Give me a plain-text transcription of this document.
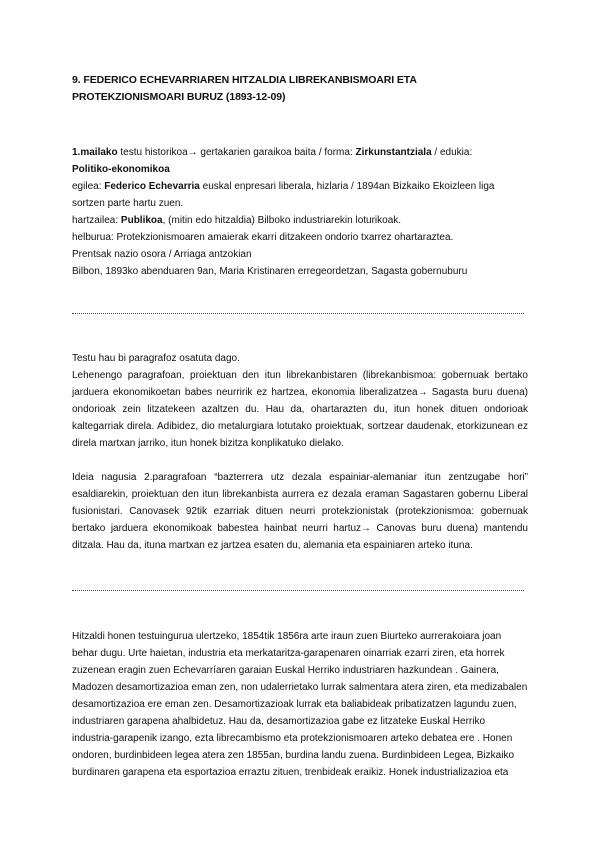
9. FEDERICO ECHEVARRIAREN HITZALDIA LIBREKANBISMOARI ETA PROTEKZIONISMOARI BURUZ (1893-12-09)

1.mailako testu historikoa→ gertakarien garaikoa baita / forma: Zirkunstantziala / edukia:

Politiko-ekonomikoa

egilea: Federico Echevarria euskal enpresari liberala, hizlaria / 1894an Bizkaiko Ekoizleen liga sortzen parte hartu zuen.

hartzailea: Publikoa, (mitin edo hitzaldia) Bilboko industriarekin loturikoak.

helburua: Protekzionismoaren amaierak ekarri ditzakeen ondorio txarrez ohartaraztea.

Prentsak nazio osora / Arriaga antzokian

Bilbon, 1893ko abenduaren 9an, Maria Kristinaren erregeordetzan, Sagasta gobernuburu

Testu hau bi paragrafoz osatuta dago.

Lehenengo paragrafoan, proiektuan den itun librekanbistaren (librekanbismoa: gobernuak bertako jarduera ekonomikoetan babes neurririk ez hartzea, ekonomia liberalizatzea→ Sagasta buru duena) ondorioak zein litzatekeen azaltzen du. Hau da, ohartarazten du, itun honek dituen ondorioak kaltegarriak direla. Adibidez, dio metalurgiara lotutako proiektuak, sortzear daudenak, etorkizunean ez direla martxan jarriko, itun honek bizitza konplikatuko dielako.

Ideia nagusia 2.paragrafoan “bazterrera utz dezala espainiar-alemaniar itun zentzugabe hori” esaldiarekin, proiektuan den itun librekanbista aurrera ez dezala eraman Sagastaren gobernu Liberal fusionistari. Canovasek 92tik ezarriak dituen neurri protekzionistak (protekzionismoa: gobernuak bertako jarduera ekonomikoak babestea hainbat neurri hartuz→ Canovas buru duena) mantendu ditzala. Hau da, ituna martxan ez jartzea esaten du, alemania eta espainiaren arteko ituna.

Hitzaldi honen testuingurua ulertzeko, 1854tik 1856ra arte iraun zuen Biurteko aurrerakoiara joan behar dugu. Urte haietan, industria eta merkataritza-garapenaren oinarriak ezarri ziren, eta horrek zuzenean eragin zuen Echevarríaren garaian Euskal Herriko industriaren hazkundean . Gainera, Madozen desamortizazioa eman zen, non udalerrietako lurrak salmentara atera ziren, eta medizabalen desamortizazioa ere eman zen. Desamortizazioak lurrak eta baliabideak pribatizatzen lagundu zuen, industriaren garapena ahalbidetuz. Hau da, desamortizazioa gabe ez litzateke Euskal Herriko industria-garapenik izango, ezta librecambismo eta protekzionismoaren arteko debatea ere . Honen ondoren, burdinbideen legea atera zen 1855an, burdina landu zuena. Burdinbideen Legea, Bizkaiko burdinaren garapena eta esportazioa erraztu zituen, trenbideak eraikiz. Honek industrializazioa eta
